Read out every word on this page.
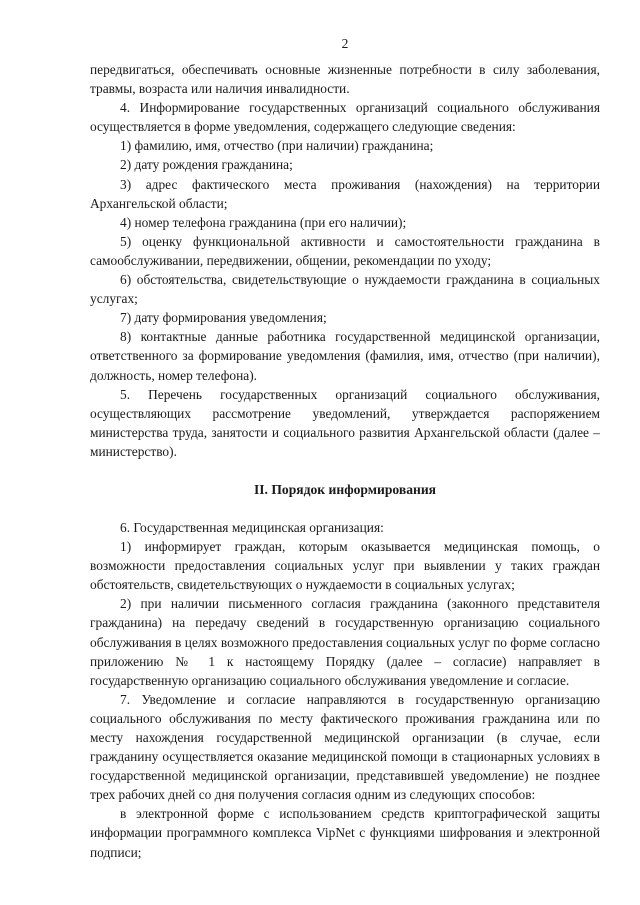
2

передвигаться, обеспечивать основные жизненные потребности в силу заболевания, травмы, возраста или наличия инвалидности.

4. Информирование государственных организаций социального обслуживания осуществляется в форме уведомления, содержащего следующие сведения:

1) фамилию, имя, отчество (при наличии) гражданина;

2) дату рождения гражданина;

3) адрес фактического места проживания (нахождения) на территории Архангельской области;

4) номер телефона гражданина (при его наличии);

5) оценку функциональной активности и самостоятельности гражданина в самообслуживании, передвижении, общении, рекомендации по уходу;

6) обстоятельства, свидетельствующие о нуждаемости гражданина в социальных услугах;

7) дату формирования уведомления;

8) контактные данные работника государственной медицинской организации, ответственного за формирование уведомления (фамилия, имя, отчество (при наличии), должность, номер телефона).

5. Перечень государственных организаций социального обслуживания, осуществляющих рассмотрение уведомлений, утверждается распоряжением министерства труда, занятости и социального развития Архангельской области (далее – министерство).

II. Порядок информирования

6. Государственная медицинская организация:

1) информирует граждан, которым оказывается медицинская помощь, о возможности предоставления социальных услуг при выявлении у таких граждан обстоятельств, свидетельствующих о нуждаемости в социальных услугах;

2) при наличии письменного согласия гражданина (законного представителя гражданина) на передачу сведений в государственную организацию социального обслуживания в целях возможного предоставления социальных услуг по форме согласно приложению № 1 к настоящему Порядку (далее – согласие) направляет в государственную организацию социального обслуживания уведомление и согласие.

7. Уведомление и согласие направляются в государственную организацию социального обслуживания по месту фактического проживания гражданина или по месту нахождения государственной медицинской организации (в случае, если гражданину осуществляется оказание медицинской помощи в стационарных условиях в государственной медицинской организации, представившей уведомление) не позднее трех рабочих дней со дня получения согласия одним из следующих способов:

в электронной форме с использованием средств криптографической защиты информации программного комплекса VipNet с функциями шифрования и электронной подписи;
